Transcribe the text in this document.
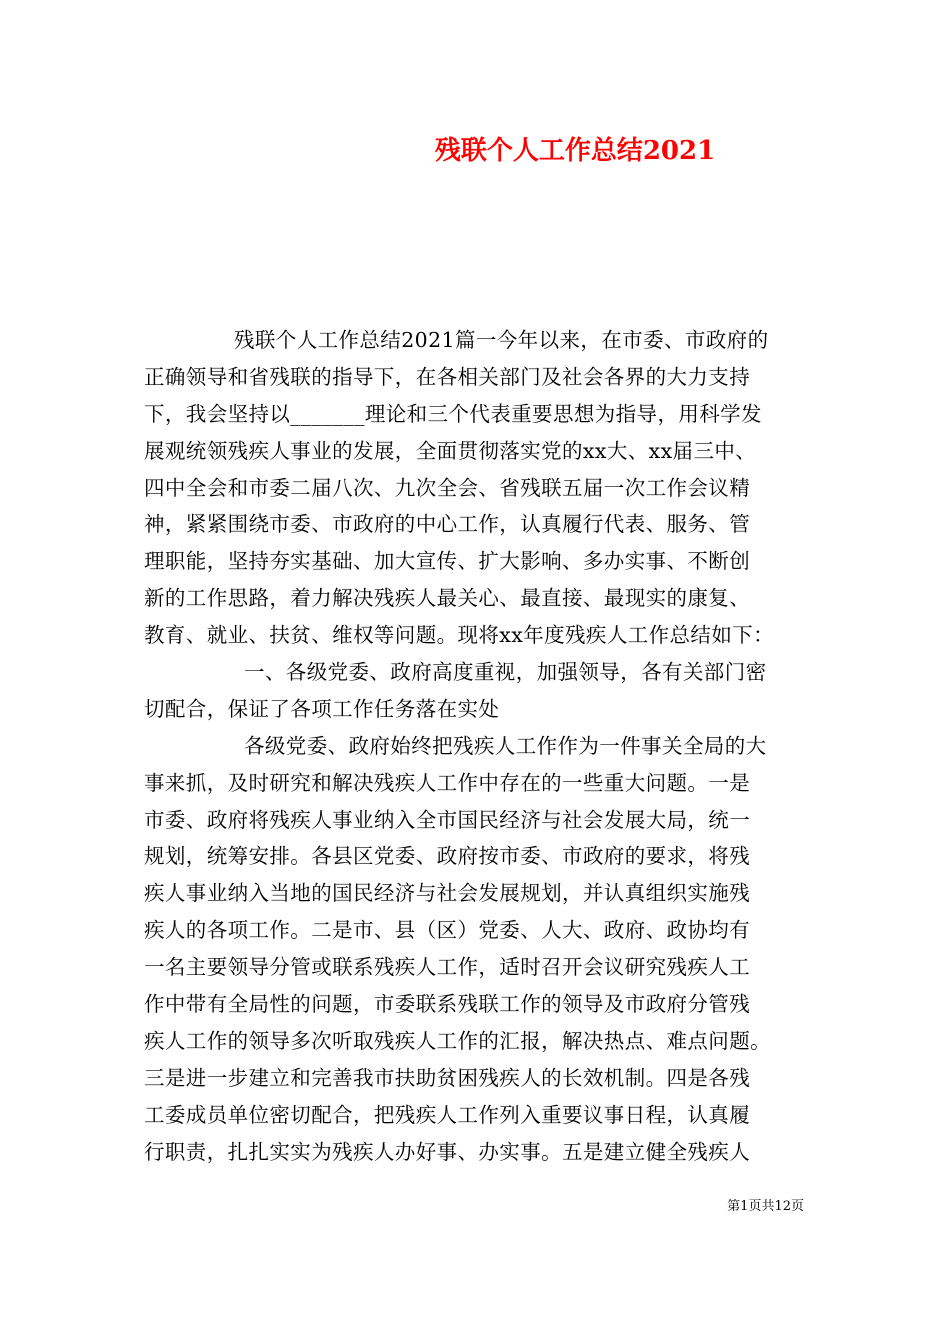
残联个人工作总结2021
残联个人工作总结2021篇一今年以来，在市委、市政府的
正确领导和省残联的指导下，在各相关部门及社会各界的大力支持
下，我会坚持以_______理论和三个代表重要思想为指导，用科学发
展观统领残疾人事业的发展，全面贯彻落实党的xx大、xx届三中、
四中全会和市委二届八次、九次全会、省残联五届一次工作会议精
神，紧紧围绕市委、市政府的中心工作，认真履行代表、服务、管
理职能，坚持夯实基础、加大宣传、扩大影响、多办实事、不断创
新的工作思路，着力解决残疾人最关心、最直接、最现实的康复、
教育、就业、扶贫、维权等问题。现将xx年度残疾人工作总结如下：
一、各级党委、政府高度重视，加强领导，各有关部门密
切配合，保证了各项工作任务落在实处
各级党委、政府始终把残疾人工作作为一件事关全局的大
事来抓，及时研究和解决残疾人工作中存在的一些重大问题。一是
市委、政府将残疾人事业纳入全市国民经济与社会发展大局，统一
规划，统筹安排。各县区党委、政府按市委、市政府的要求，将残
疾人事业纳入当地的国民经济与社会发展规划，并认真组织实施残
疾人的各项工作。二是市、县（区）党委、人大、政府、政协均有
一名主要领导分管或联系残疾人工作，适时召开会议研究残疾人工
作中带有全局性的问题，市委联系残联工作的领导及市政府分管残
疾人工作的领导多次听取残疾人工作的汇报，解决热点、难点问题。
三是进一步建立和完善我市扶助贫困残疾人的长效机制。四是各残
工委成员单位密切配合，把残疾人工作列入重要议事日程，认真履
行职责，扎扎实实为残疾人办好事、办实事。五是建立健全残疾人
第1页共12页
